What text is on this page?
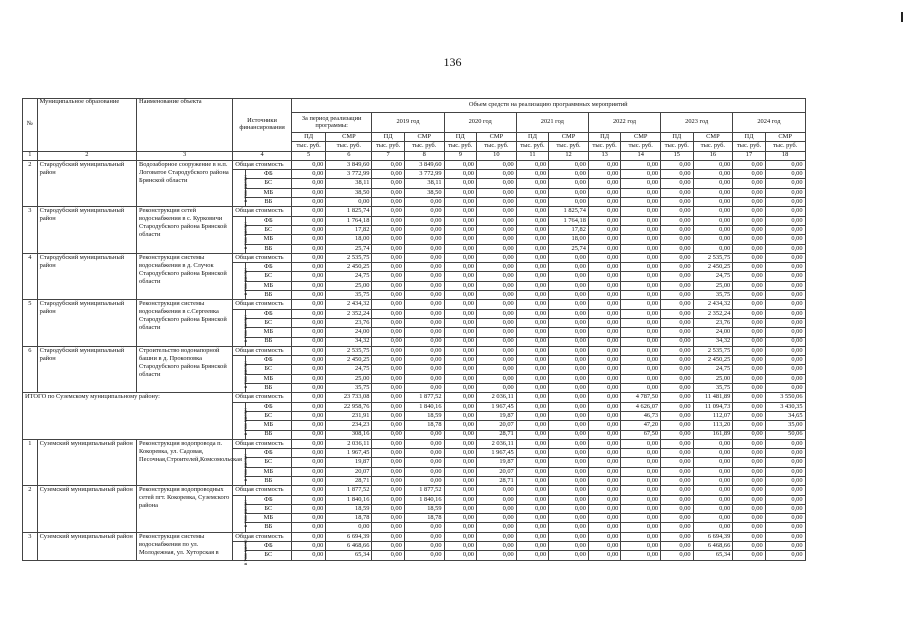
136
№	Муниципальное образование	Наименование объекта	Источники финансирования		Объем средств на реализацию программных мероприятий													
					За период реализации программы:		2019 год		2020 год		2021 год		2022 год		2023 год		2024 год	
					ПД	СМР	ПД	СМР	ПД	СМР	ПД	СМР	ПД	СМР	ПД	СМР	ПД	СМР
					тыс. руб.	тыс. руб.	тыс. руб.	тыс. руб.	тыс. руб.	тыс. руб.	тыс. руб.	тыс. руб.	тыс. руб.	тыс. руб.	тыс. руб.	тыс. руб.	тыс. руб.	тыс. руб.
1	2	3	4		5	6	7	8	9	10	11	12	13	14	15	16	17	18
2	Стародубский муниципальный район	Водозаборное сооружение в н.п. Логоватое Стародубского района Брянской области	Общая стоимость		0,00	3 849,60	0,00	3 849,60	0,00	0,00	0,00	0,00	0,00	0,00	0,00	0,00	0,00	0,00
			в том числе:	ФБ	0,00	3 772,99	0,00	3 772,99	0,00	0,00	0,00	0,00	0,00	0,00	0,00	0,00	0,00	0,00
				БС	0,00	38,11	0,00	38,11	0,00	0,00	0,00	0,00	0,00	0,00	0,00	0,00	0,00	0,00
				МБ	0,00	38,50	0,00	38,50	0,00	0,00	0,00	0,00	0,00	0,00	0,00	0,00	0,00	0,00
				ВБ	0,00	0,00	0,00	0,00	0,00	0,00	0,00	0,00	0,00	0,00	0,00	0,00	0,00	0,00
3	Стародубский муниципальный район	Реконструкция сетей водоснабжения в с. Курковичи Стародубского района Брянской области	Общая стоимость		0,00	1 825,74	0,00	0,00	0,00	0,00	0,00	1 825,74	0,00	0,00	0,00	0,00	0,00	0,00
			в том числе:	ФБ	0,00	1 764,18	0,00	0,00	0,00	0,00	0,00	1 764,18	0,00	0,00	0,00	0,00	0,00	0,00
				БС	0,00	17,82	0,00	0,00	0,00	0,00	0,00	17,82	0,00	0,00	0,00	0,00	0,00	0,00
				МБ	0,00	18,00	0,00	0,00	0,00	0,00	0,00	18,00	0,00	0,00	0,00	0,00	0,00	0,00
				ВБ	0,00	25,74	0,00	0,00	0,00	0,00	0,00	25,74	0,00	0,00	0,00	0,00	0,00	0,00
4	Стародубский муниципальный район	Реконструкция системы водоснабжения в д. Случок Стародубского района Брянской области	Общая стоимость		0,00	2 535,75	0,00	0,00	0,00	0,00	0,00	0,00	0,00	0,00	0,00	2 535,75	0,00	0,00
			в том числе:	ФБ	0,00	2 450,25	0,00	0,00	0,00	0,00	0,00	0,00	0,00	0,00	0,00	2 450,25	0,00	0,00
				БС	0,00	24,75	0,00	0,00	0,00	0,00	0,00	0,00	0,00	0,00	0,00	24,75	0,00	0,00
				МБ	0,00	25,00	0,00	0,00	0,00	0,00	0,00	0,00	0,00	0,00	0,00	25,00	0,00	0,00
				ВБ	0,00	35,75	0,00	0,00	0,00	0,00	0,00	0,00	0,00	0,00	0,00	35,75	0,00	0,00
5	Стародубский муниципальный район	Реконструкция системы водоснабжения в с.Сергеевка Стародубского района Брянской области	Общая стоимость		0,00	2 434,32	0,00	0,00	0,00	0,00	0,00	0,00	0,00	0,00	0,00	2 434,32	0,00	0,00
			в том числе:	ФБ	0,00	2 352,24	0,00	0,00	0,00	0,00	0,00	0,00	0,00	0,00	0,00	2 352,24	0,00	0,00
				БС	0,00	23,76	0,00	0,00	0,00	0,00	0,00	0,00	0,00	0,00	0,00	23,76	0,00	0,00
				МБ	0,00	24,00	0,00	0,00	0,00	0,00	0,00	0,00	0,00	0,00	0,00	24,00	0,00	0,00
				ВБ	0,00	34,32	0,00	0,00	0,00	0,00	0,00	0,00	0,00	0,00	0,00	34,32	0,00	0,00
6	Стародубский муниципальный район	Строительство водонапорной башни в д. Прокоповка Стародубского района Брянской области	Общая стоимость		0,00	2 535,75	0,00	0,00	0,00	0,00	0,00	0,00	0,00	0,00	0,00	2 535,75	0,00	0,00
			в том числе:	ФБ	0,00	2 450,25	0,00	0,00	0,00	0,00	0,00	0,00	0,00	0,00	0,00	2 450,25	0,00	0,00
				БС	0,00	24,75	0,00	0,00	0,00	0,00	0,00	0,00	0,00	0,00	0,00	24,75	0,00	0,00
				МБ	0,00	25,00	0,00	0,00	0,00	0,00	0,00	0,00	0,00	0,00	0,00	25,00	0,00	0,00
				ВБ	0,00	35,75	0,00	0,00	0,00	0,00	0,00	0,00	0,00	0,00	0,00	35,75	0,00	0,00
ИТОГО по Суземскому муниципальному району:			Общая стоимость		0,00	23 733,08	0,00	1 877,52	0,00	2 036,11	0,00	0,00	0,00	4 787,50	0,00	11 481,89	0,00	3 550,06
			в том числе:	ФБ	0,00	22 958,76	0,00	1 840,16	0,00	1 967,45	0,00	0,00	0,00	4 626,07	0,00	11 094,73	0,00	3 430,35
				БС	0,00	231,91	0,00	18,59	0,00	19,87	0,00	0,00	0,00	46,73	0,00	112,07	0,00	34,65
				МБ	0,00	234,23	0,00	18,78	0,00	20,07	0,00	0,00	0,00	47,20	0,00	113,20	0,00	35,00
				ВБ	0,00	308,16	0,00	0,00	0,00	28,71	0,00	0,00	0,00	67,50	0,00	161,89	0,00	50,06
1	Суземский муниципальный район	Реконструкция водопровода п. Кокоревка, ул. Садовая, Песочная,Строителей,Комсомольская	Общая стоимость		0,00	2 036,11	0,00	0,00	0,00	2 036,11	0,00	0,00	0,00	0,00	0,00	0,00	0,00	0,00
			в том числе:	ФБ	0,00	1 967,45	0,00	0,00	0,00	1 967,45	0,00	0,00	0,00	0,00	0,00	0,00	0,00	0,00
				БС	0,00	19,87	0,00	0,00	0,00	19,87	0,00	0,00	0,00	0,00	0,00	0,00	0,00	0,00
				МБ	0,00	20,07	0,00	0,00	0,00	20,07	0,00	0,00	0,00	0,00	0,00	0,00	0,00	0,00
				ВБ	0,00	28,71	0,00	0,00	0,00	28,71	0,00	0,00	0,00	0,00	0,00	0,00	0,00	0,00
2	Суземский муниципальный район	Реконструкция водопроводных сетей пгт. Кокоревка, Суземского района	Общая стоимость		0,00	1 877,52	0,00	1 877,52	0,00	0,00	0,00	0,00	0,00	0,00	0,00	0,00	0,00	0,00
			в том числе:	ФБ	0,00	1 840,16	0,00	1 840,16	0,00	0,00	0,00	0,00	0,00	0,00	0,00	0,00	0,00	0,00
				БС	0,00	18,59	0,00	18,59	0,00	0,00	0,00	0,00	0,00	0,00	0,00	0,00	0,00	0,00
				МБ	0,00	18,78	0,00	18,78	0,00	0,00	0,00	0,00	0,00	0,00	0,00	0,00	0,00	0,00
				ВБ	0,00	0,00	0,00	0,00	0,00	0,00	0,00	0,00	0,00	0,00	0,00	0,00	0,00	0,00
3	Суземский муниципальный район	Реконструкция системы водоснабжения по ул. Молодежная, ул. Хуторская в	Общая стоимость		0,00	6 694,39	0,00	0,00	0,00	0,00	0,00	0,00	0,00	0,00	0,00	6 694,39	0,00	0,00
			в том числе:	ФБ	0,00	6 468,66	0,00	0,00	0,00	0,00	0,00	0,00	0,00	0,00	0,00	6 468,66	0,00	0,00
				БС	0,00	65,34	0,00	0,00	0,00	0,00	0,00	0,00	0,00	0,00	0,00	65,34	0,00	0,00
